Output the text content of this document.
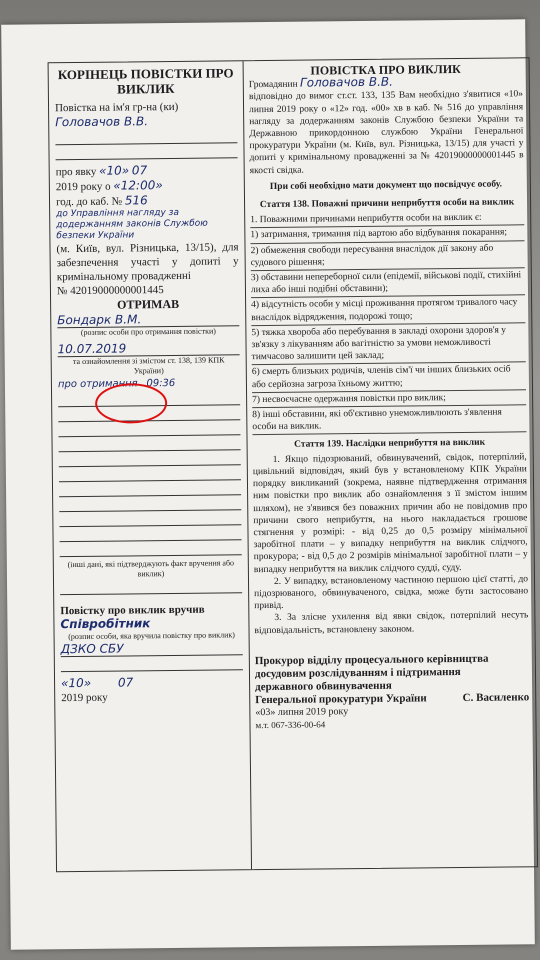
КОРІНЕЦЬ ПОВІСТКИ ПРО ВИКЛИК
Повістка на ім'я гр-на (ки) Головачов В.В.
про явку «10» 07
2019 року о «12:00»
год. до каб. № 516
до Управління нагляду за додержанням законів Службою безпеки України
(м. Київ, вул. Різницька, 13/15), для забезпечення участі у допиті у кримінальному провадженні
№ 42019000000001445
ОТРИМАВ
Бондарк В.М.
(розпис особи про отримання повістки)
10.07.2019
та ознайомлення зі змістом ст. 138, 139 КПК України)
про отримання 09:36
(інші дані, які підтверджують факт вручення або виклик)
Повістку про виклик вручив Співробітник
(розпис особи, яка вручила повістку про виклик)
ДЗКО СБУ
«10» 07
2019 року
ПОВІСТКА ПРО ВИКЛИК
Громадянин Головачов В.В.

відповідно до вимог ст.ст. 133, 135 Вам необхідно з'явитися «10» липня 2019 року о «12» год. «00» хв в каб. № 516 до управління нагляду за додержанням законів Службою безпеки України та Державною прикордонною службою України Генеральної прокуратури України (м. Київ, вул. Різницька, 13/15) для участі у допиті у кримінальному провадженні за № 42019000000001445 в якості свідка.

При собі необхідно мати документ що посвідчує особу.

Стаття 138. Поважні причини неприбуття особи на виклик
1. Поважними причинами неприбуття особи на виклик є:
1) затримання, тримання під вартою або відбування покарання;
2) обмеження свободи пересування внаслідок дії закону або судового рішення;
3) обставини непереборної сили (епідемії, військові події, стихійні лиха або інші подібні обставини);
4) відсутність особи у місці проживання протягом тривалого часу внаслідок відрядження, подорожі тощо;
5) тяжка хвороба або перебування в закладі охорони здоров'я у зв'язку з лікуванням або вагітністю за умови неможливості тимчасово залишити цей заклад;
6) смерть близьких родичів, членів сім'ї чи інших близьких осіб або серйозна загроза їхньому життю;
7) несвоєчасне одержання повістки про виклик;
8) інші обставини, які об'єктивно унеможливлюють з'явлення особи на виклик.
Стаття 139. Наслідки неприбуття на виклик

1. Якщо підозрюваний, обвинувачений, свідок, потерпілий, цивільний відповідач, який був у встановленому КПК України порядку викликаний (зокрема, наявне підтвердження отримання ним повістки про виклик або ознайомлення з її змістом іншим шляхом), не з'явився без поважних причин або не повідомив про причини свого неприбуття, на нього накладається грошове стягнення у розмірі: - від 0,25 до 0,5 розміру мінімальної заробітної плати – у випадку неприбуття на виклик слідчого, прокурора; - від 0,5 до 2 розмірів мінімальної заробітної плати – у випадку неприбуття на виклик слідчого судді, суду.

2. У випадку, встановленому частиною першою цієї статті, до підозрюваного, обвинуваченого, свідка, може бути застосовано привід.

3. За злісне ухилення від явки свідок, потерпілий несуть відповідальність, встановлену законом.

Прокурор відділу процесуального керівництва
досудовим розслідуванням і підтримання
державного обвинувачення
Генеральної прокуратури України	С. Василенко
«03» липня 2019 року
м.т. 067-336-00-64
